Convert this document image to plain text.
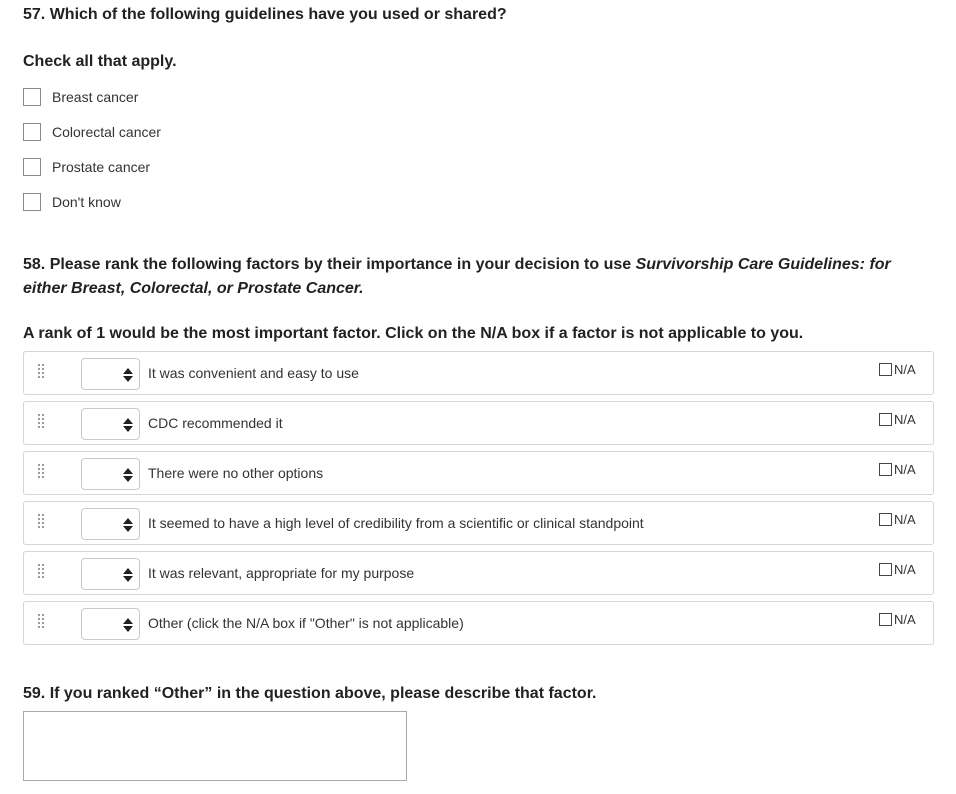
57. Which of the following guidelines have you used or shared?
Check all that apply.
Breast cancer
Colorectal cancer
Prostate cancer
Don't know
58. Please rank the following factors by their importance in your decision to use Survivorship Care Guidelines: for
either Breast, Colorectal, or Prostate Cancer.
A rank of 1 would be the most important factor. Click on the N/A box if a factor is not applicable to you.
It was convenient and easy to use	N/A
CDC recommended it	N/A
There were no other options	N/A
It seemed to have a high level of credibility from a scientific or clinical standpoint	N/A
It was relevant, appropriate for my purpose	N/A
Other (click the N/A box if "Other" is not applicable)	N/A
59. If you ranked “Other” in the question above, please describe that factor.
